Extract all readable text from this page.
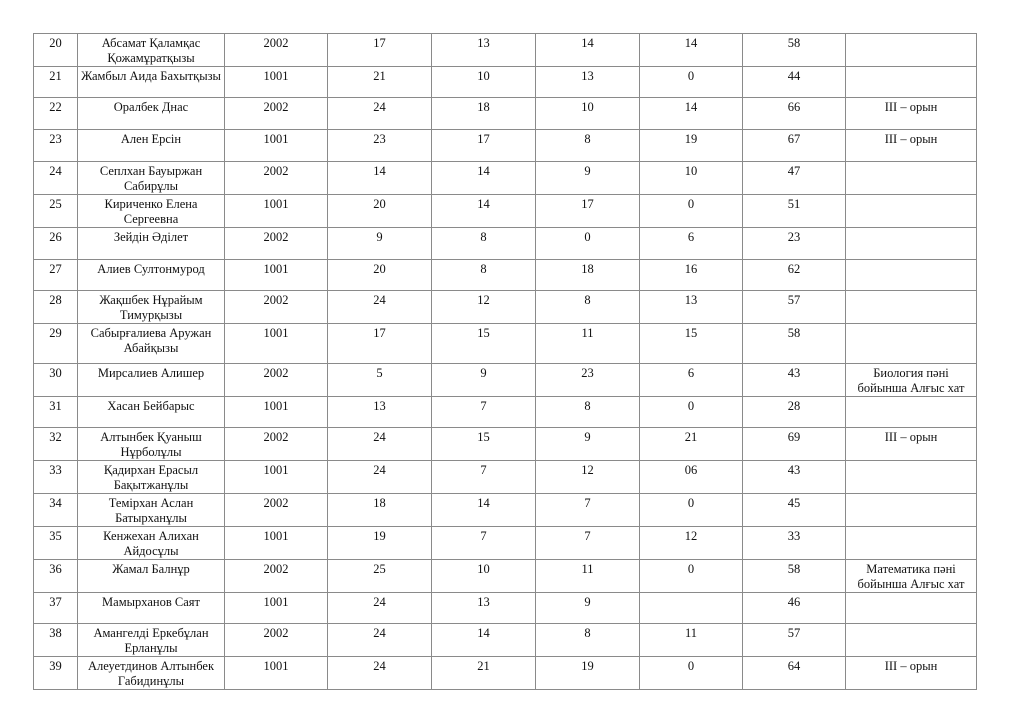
20	Абсамат Қаламқас Қожамұратқызы	2002	17	13	14	14	58	
21	Жамбыл Аида Бахытқызы	1001	21	10	13	0	44	
22	Оралбек Днас	2002	24	18	10	14	66	III – орын
23	Ален Ерсін	1001	23	17	8	19	67	III – орын
24	Сеплхан Бауыржан Сабирұлы	2002	14	14	9	10	47	
25	Кириченко Елена Сергеевна	1001	20	14	17	0	51	
26	Зейдін Әділет	2002	9	8	0	6	23	
27	Алиев Султонмурод	1001	20	8	18	16	62	
28	Жақшбек Нұрайым Тимурқызы	2002	24	12	8	13	57	
29	Сабырғалиева Аружан Абайқызы	1001	17	15	11	15	58	
30	Мирсалиев Алишер	2002	5	9	23	6	43	Биология пәні бойынша Алғыс хат
31	Хасан Бейбарыс	1001	13	7	8	0	28	
32	Алтынбек Қуаныш Нұрболұлы	2002	24	15	9	21	69	III – орын
33	Қадирхан Ерасыл Бақытжанұлы	1001	24	7	12	06	43	
34	Темірхан Аслан Батырханұлы	2002	18	14	7	0	45	
35	Кенжехан Алихан Айдосұлы	1001	19	7	7	12	33	
36	Жамал Балнұр	2002	25	10	11	0	58	Математика пәні бойынша Алғыс хат
37	Мамырханов Саят	1001	24	13	9		46	
38	Амангелді Еркебұлан Ерланұлы	2002	24	14	8	11	57	
39	Алеуетдинов Алтынбек Габидинұлы	1001	24	21	19	0	64	III – орын
